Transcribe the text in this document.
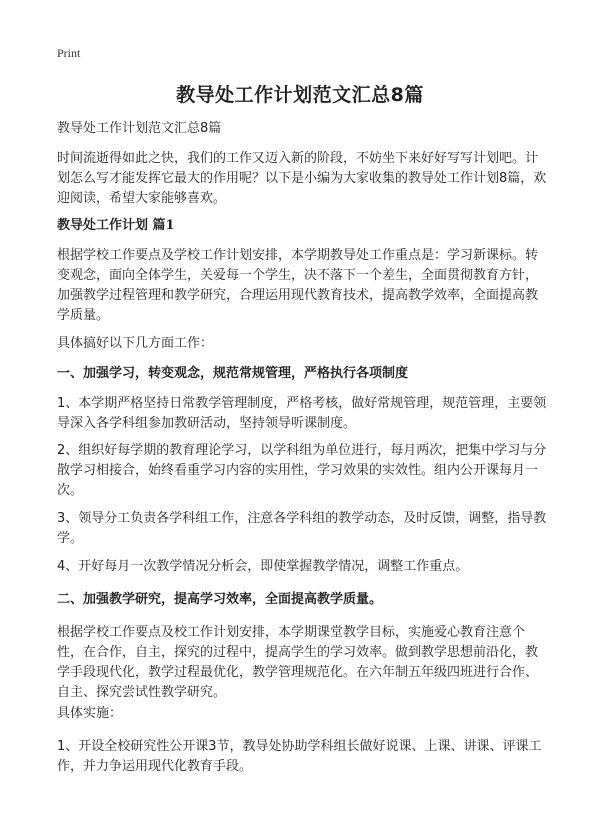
Print
教导处工作计划范文汇总8篇

教导处工作计划范文汇总8篇

时间流逝得如此之快，我们的工作又迈入新的阶段，不妨坐下来好好写写计划吧。计划怎么写才能发挥它最大的作用呢？以下是小编为大家收集的教导处工作计划8篇，欢迎阅读，希望大家能够喜欢。

教导处工作计划 篇1

根据学校工作要点及学校工作计划安排，本学期教导处工作重点是：学习新课标。转变观念，面向全体学生，关爱每一个学生，决不落下一个差生，全面贯彻教育方针，加强教学过程管理和教学研究，合理运用现代教育技术，提高教学效率，全面提高教学质量。

具体搞好以下几方面工作：

一、加强学习，转变观念，规范常规管理，严格执行各项制度

1、本学期严格坚持日常教学管理制度，严格考核，做好常规管理，规范管理，主要领导深入各学科组参加教研活动，坚持领导听课制度。

2、组织好每学期的教育理论学习，以学科组为单位进行，每月两次，把集中学习与分散学习相接合，始终看重学习内容的实用性，学习效果的实效性。组内公开课每月一次。

3、领导分工负责各学科组工作，注意各学科组的教学动态，及时反馈，调整，指导教学。

4、开好每月一次教学情况分析会，即使掌握教学情况，调整工作重点。

二、加强教学研究，提高学习效率，全面提高教学质量。

根据学校工作要点及校工作计划安排，本学期课堂教学目标，实施爱心教育注意个性，在合作，自主，探究的过程中，提高学生的学习效率。做到教学思想前沿化，教学手段现代化，教学过程最优化，教学管理规范化。在六年制五年级四班进行合作、自主、探究尝试性教学研究。

具体实施：

1、开设全校研究性公开课3节，教导处协助学科组长做好说课、上课、讲课、评课工作，并力争运用现代化教育手段。
